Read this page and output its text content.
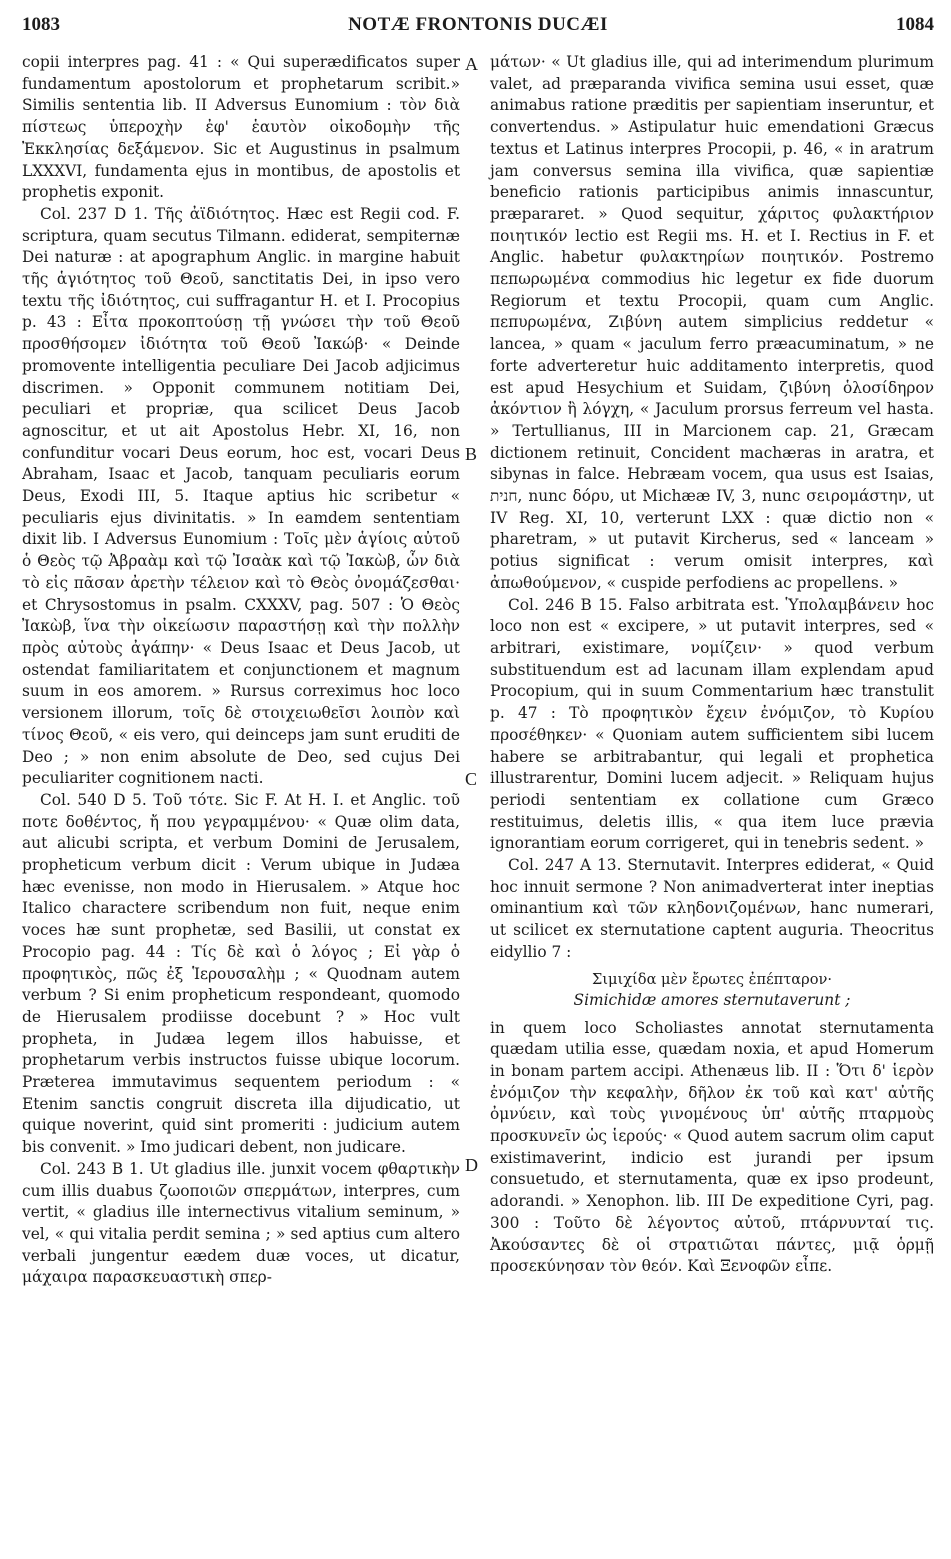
1083	NOTÆ FRONTONIS DUCÆI	1084

copii interpres pag. 41 : « Qui superædificatos super fundamentum apostolorum et prophetarum scribit.» Similis sententia lib. II Adversus Eunomium : τὸν διὰ πίστεως ὑπεροχὴν ἐφ' ἑαυτὸν οἰκοδομὴν τῆς Ἐκκλησίας δεξάμενον. Sic et Augustinus in psalmum LXXXVI, fundamenta ejus in montibus, de apostolis et prophetis exponit.

Col. 237 D 1. Τῆς ἀϊδιότητος. Hæc est Regii cod. F. scriptura, quam secutus Tilmann. ediderat, sempiternæ Dei naturæ : at apographum Anglic. in margine habuit τῆς ἁγιότητος τοῦ Θεοῦ, sanctitatis Dei, in ipso vero textu τῆς ἰδιότητος, cui suffragantur H. et I. Procopius p. 43 : Εἶτα προκοπτούσῃ τῇ γνώσει τὴν τοῦ Θεοῦ προσθήσομεν ἰδιότητα τοῦ Θεοῦ Ἰακώβ· « Deinde promovente intelligentia peculiare Dei Jacob adjicimus discrimen. » Opponit communem notitiam Dei, peculiari et propriæ, qua scilicet Deus Jacob agnoscitur, et ut ait Apostolus Hebr. XI, 16, non confunditur vocari Deus eorum, hoc est, vocari Deus Abraham, Isaac et Jacob, tanquam peculiaris eorum Deus, Exodi III, 5. Itaque aptius hic scribetur « peculiaris ejus divinitatis. » In eamdem sententiam dixit lib. I Adversus Eunomium : Τοῖς μὲν ἁγίοις αὐτοῦ ὁ Θεὸς τῷ Ἀβραὰμ καὶ τῷ Ἰσαὰκ καὶ τῷ Ἰακὼβ, ὧν διὰ τὸ εἰς πᾶσαν ἀρετὴν τέλειον καὶ τὸ Θεὸς ὀνομάζεσθαι· et Chrysostomus in psalm. CXXXV, pag. 507 : Ὁ Θεὸς Ἰακὼβ, ἵνα τὴν οἰκείωσιν παραστήσῃ καὶ τὴν πολλὴν πρὸς αὐτοὺς ἀγάπην· « Deus Isaac et Deus Jacob, ut ostendat familiaritatem et conjunctionem et magnum suum in eos amorem. » Rursus correximus hoc loco versionem illorum, τοῖς δὲ στοιχειωθεῖσι λοιπὸν καὶ τίνος Θεοῦ, « eis vero, qui deinceps jam sunt eruditi de Deo ; » non enim absolute de Deo, sed cujus Dei peculiariter cognitionem nacti.

Col. 540 D 5. Τοῦ τότε. Sic F. At H. I. et Anglic. τοῦ ποτε δοθέντος, ἤ που γεγραμμένου· « Quæ olim data, aut alicubi scripta, et verbum Domini de Jerusalem, propheticum verbum dicit : Verum ubique in Judæa hæc evenisse, non modo in Hierusalem. » Atque hoc Italico charactere scribendum non fuit, neque enim voces hæ sunt prophetæ, sed Basilii, ut constat ex Procopio pag. 44 : Τίς δὲ καὶ ὁ λόγος ; Εἰ γὰρ ὁ προφητικὸς, πῶς ἐξ Ἱερουσαλὴμ ; « Quodnam autem verbum ? Si enim propheticum respondeant, quomodo de Hierusalem prodiisse docebunt ? » Hoc vult propheta, in Judæa legem illos habuisse, et prophetarum verbis instructos fuisse ubique locorum. Præterea immutavimus sequentem periodum : « Etenim sanctis congruit discreta illa dijudicatio, ut quique noverint, quid sint promeriti : judicium autem bis convenit. » Imo judicari debent, non judicare.

Col. 243 B 1. Ut gladius ille. junxit vocem φθαρτικὴν cum illis duabus ζωοποιῶν σπερμάτων, interpres, cum vertit, « gladius ille internectivus vitalium seminum, » vel, « qui vitalia perdit semina ; » sed aptius cum altero verbali jungentur eædem duæ voces, ut dicatur, μάχαιρα παρασκευαστικὴ σπερ-

A
B
C
D

μάτων· « Ut gladius ille, qui ad interimendum plurimum valet, ad præparanda vivifica semina usui esset, quæ animabus ratione præditis per sapientiam inseruntur, et convertendus. » Astipulatur huic emendationi Græcus textus et Latinus interpres Procopii, p. 46, « in aratrum jam conversus semina illa vivifica, quæ sapientiæ beneficio rationis participibus animis innascuntur, præpararet. » Quod sequitur, χάριτος φυλακτήριον ποιητικόν lectio est Regii ms. H. et I. Rectius in F. et Anglic. habetur φυλακτηρίων ποιητικόν. Postremo πεπωρωμένα commodius hic legetur ex fide duorum Regiorum et textu Procopii, quam cum Anglic. πεπυρωμένα, Ζιβύνη autem simplicius reddetur « lancea, » quam « jaculum ferro præacuminatum, » ne forte adverteretur huic additamento interpretis, quod est apud Hesychium et Suidam, ζιβύνη ὁλοσίδηρον ἀκόντιον ἢ λόγχη, « Jaculum prorsus ferreum vel hasta. » Tertullianus, III in Marcionem cap. 21, Græcam dictionem retinuit, Concident machæras in aratra, et sibynas in falce. Hebræam vocem, qua usus est Isaias, חנית, nunc δόρυ, ut Michææ IV, 3, nunc σειρομάστην, ut IV Reg. XI, 10, verterunt LXX : quæ dictio non « pharetram, » ut putavit Kircherus, sed « lanceam » potius significat : verum omisit interpres, καὶ ἀπωθούμενον, « cuspide perfodiens ac propellens. »

Col. 246 B 15. Falso arbitrata est. Ὑπολαμβάνειν hoc loco non est « excipere, » ut putavit interpres, sed « arbitrari, existimare, νομίζειν· » quod verbum substituendum est ad lacunam illam explendam apud Procopium, qui in suum Commentarium hæc transtulit p. 47 : Τὸ προφητικὸν ἔχειν ἐνόμιζον, τὸ Κυρίου προσέθηκεν· « Quoniam autem sufficientem sibi lucem habere se arbitrabantur, qui legali et prophetica illustrarentur, Domini lucem adjecit. » Reliquam hujus periodi sententiam ex collatione cum Græco restituimus, deletis illis, « qua item luce prævia ignorantiam eorum corrigeret, qui in tenebris sedent. »

Col. 247 A 13. Sternutavit. Interpres ediderat, « Quid hoc innuit sermone ? Non animadverterat inter ineptias ominantium καὶ τῶν κληδονιζομένων, hanc numerari, ut scilicet ex sternutatione captent auguria. Theocritus eidyllio 7 :

Σιμιχίδα μὲν ἔρωτες ἐπέπταρον·
Simichidæ amores sternutaverunt ;

in quem loco Scholiastes annotat sternutamenta quædam utilia esse, quædam noxia, et apud Homerum in bonam partem accipi. Athenæus lib. II : Ὅτι δ' ἱερὸν ἐνόμιζον τὴν κεφαλὴν, δῆλον ἐκ τοῦ καὶ κατ' αὐτῆς ὀμνύειν, καὶ τοὺς γινομένους ὑπ' αὐτῆς πταρμοὺς προσκυνεῖν ὡς ἱερούς· « Quod autem sacrum olim caput existimaverint, indicio est jurandi per ipsum consuetudo, et sternutamenta, quæ ex ipso prodeunt, adorandi. » Xenophon. lib. III De expeditione Cyri, pag. 300 : Τοῦτο δὲ λέγοντος αὐτοῦ, πτάρνυνταί τις. Ἀκούσαντες δὲ οἱ στρατιῶται πάντες, μιᾷ ὁρμῇ προσεκύνησαν τὸν θεόν. Καὶ Ξενοφῶν εἶπε.
